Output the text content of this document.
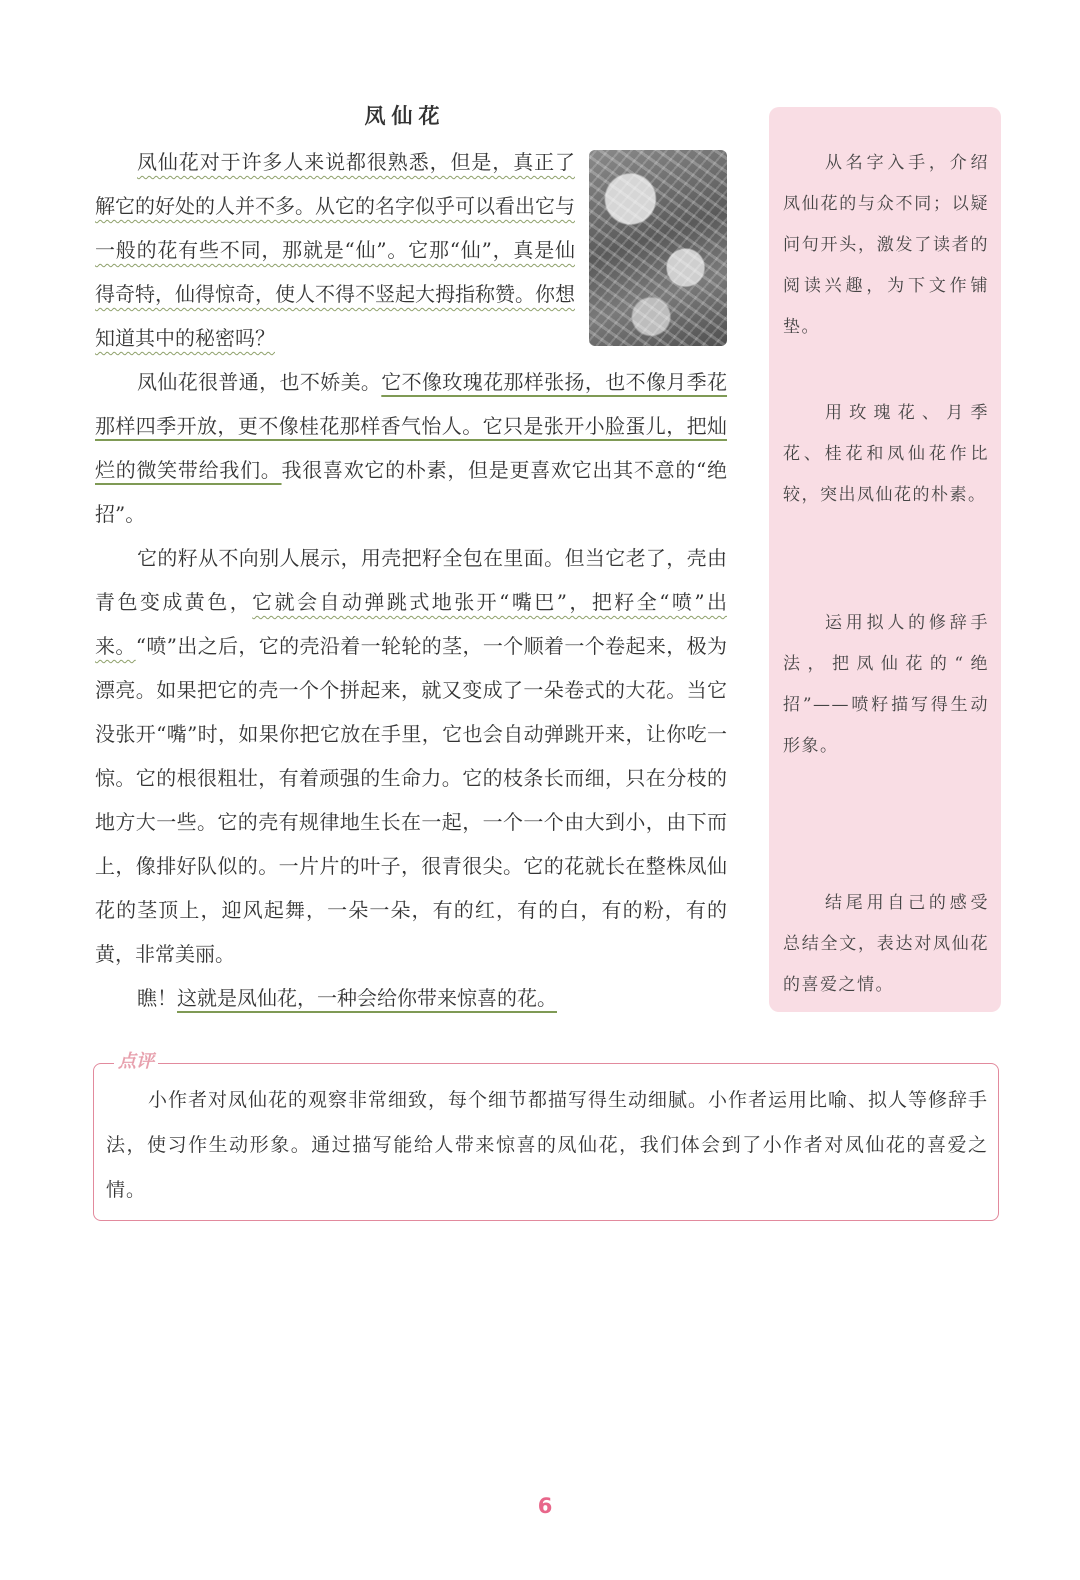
凤仙花

凤仙花对于许多人来说都很熟悉，但是，真正了解它的好处的人并不多。从它的名字似乎可以看出它与一般的花有些不同，那就是“仙”。它那“仙”，真是仙得奇特，仙得惊奇，使人不得不竖起大拇指称赞。你想知道其中的秘密吗？

凤仙花很普通，也不娇美。它不像玫瑰花那样张扬，也不像月季花那样四季开放，更不像桂花那样香气怡人。它只是张开小脸蛋儿，把灿烂的微笑带给我们。我很喜欢它的朴素，但是更喜欢它出其不意的“绝招”。

它的籽从不向别人展示，用壳把籽全包在里面。但当它老了，壳由青色变成黄色，它就会自动弹跳式地张开“嘴巴”，把籽全“喷”出来。“喷”出之后，它的壳沿着一轮轮的茎，一个顺着一个卷起来，极为漂亮。如果把它的壳一个个拼起来，就又变成了一朵卷式的大花。当它没张开“嘴”时，如果你把它放在手里，它也会自动弹跳开来，让你吃一惊。它的根很粗壮，有着顽强的生命力。它的枝条长而细，只在分枝的地方大一些。它的壳有规律地生长在一起，一个一个由大到小，由下而上，像排好队似的。一片片的叶子，很青很尖。它的花就长在整株凤仙花的茎顶上，迎风起舞，一朵一朵，有的红，有的白，有的粉，有的黄，非常美丽。

瞧！这就是凤仙花，一种会给你带来惊喜的花。

从名字入手，介绍凤仙花的与众不同；以疑问句开头，激发了读者的阅读兴趣，为下文作铺垫。
用玫瑰花、月季花、桂花和凤仙花作比较，突出凤仙花的朴素。
运用拟人的修辞手法，把凤仙花的“绝招”——喷籽描写得生动形象。
结尾用自己的感受总结全文，表达对凤仙花的喜爱之情。
点评
小作者对凤仙花的观察非常细致，每个细节都描写得生动细腻。小作者运用比喻、拟人等修辞手法，使习作生动形象。通过描写能给人带来惊喜的凤仙花，我们体会到了小作者对凤仙花的喜爱之情。
6
